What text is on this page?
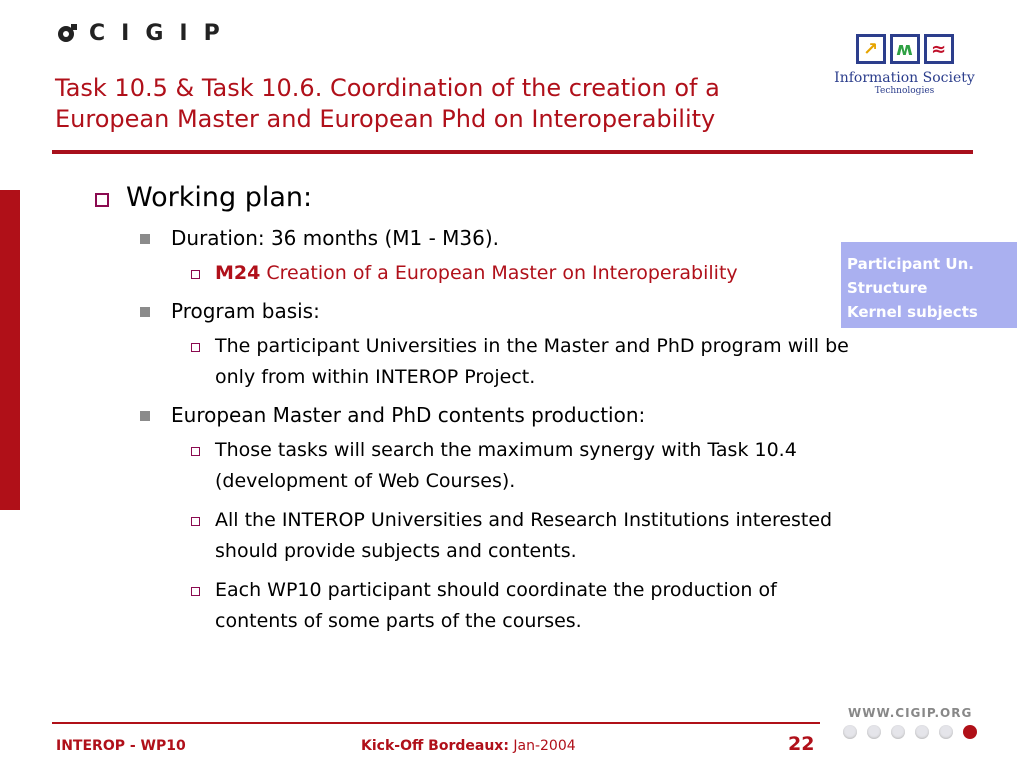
CIGIP
Task 10.5 & Task 10.6. Coordination of the creation of a European Master and European Phd on Interoperability
↗	ʍ	≈
Information Society
Technologies
Working plan:
Duration: 36 months (M1 - M36).
M24 Creation of a European Master on Interoperability
Program basis:
The participant Universities in the Master and PhD program will be only from within INTEROP Project.
European Master and PhD contents production:
Those tasks will search the maximum synergy with Task 10.4 (development of Web Courses).
All the INTEROP Universities and Research Institutions interested should provide subjects and contents.
Each WP10 participant should coordinate the production of contents of some parts of the courses.
Participant Un.
Structure
Kernel subjects
INTEROP - WP10	Kick-Off Bordeaux: Jan-2004	22
WWW.CIGIP.ORG
